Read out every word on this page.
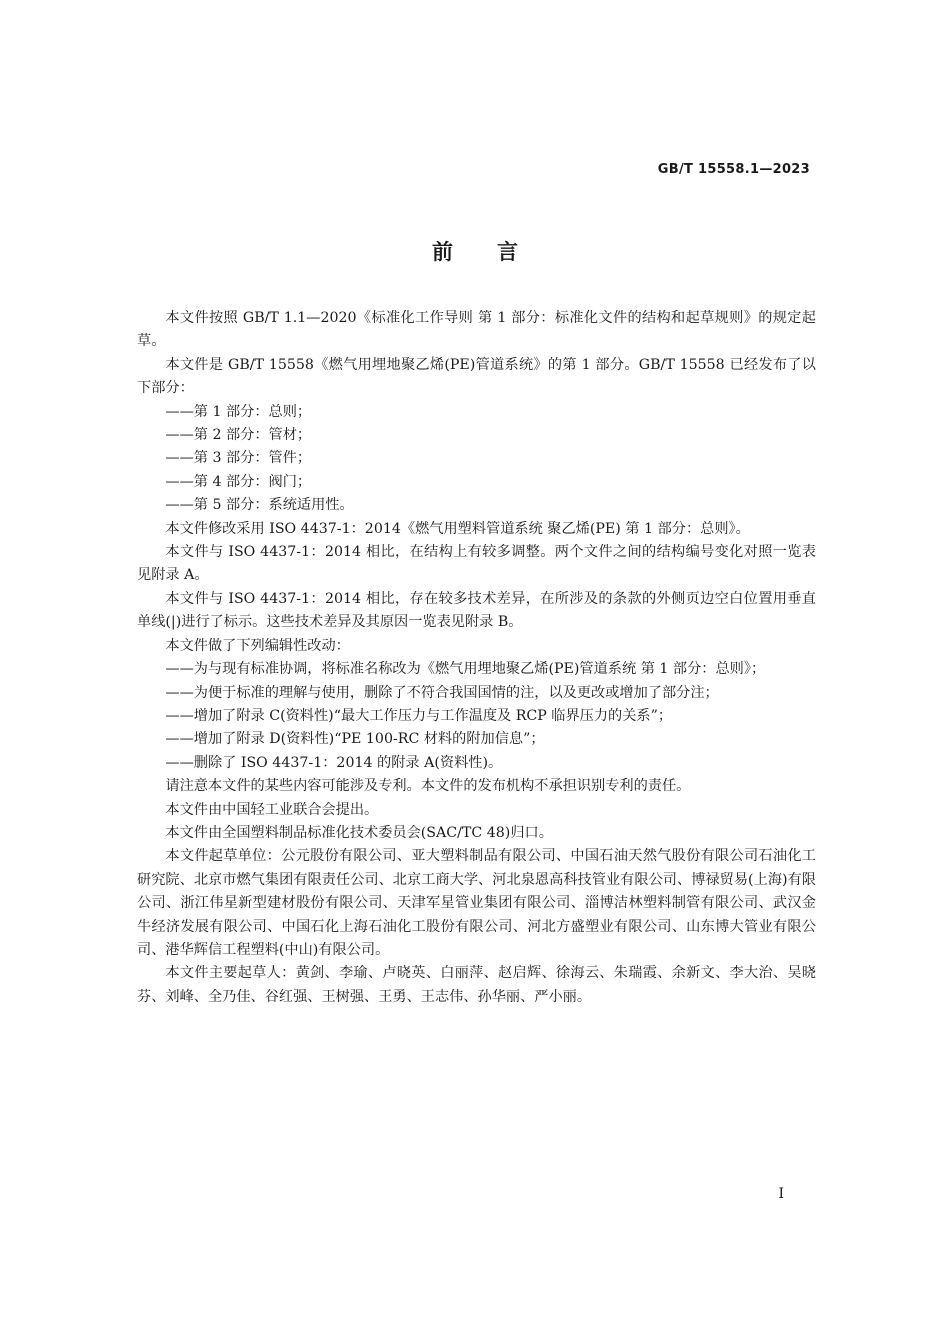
GB/T 15558.1—2023
前言

本文件按照 GB/T 1.1—2020《标准化工作导则 第 1 部分：标准化文件的结构和起草规则》的规定起草。

本文件是 GB/T 15558《燃气用埋地聚乙烯(PE)管道系统》的第 1 部分。GB/T 15558 已经发布了以下部分：

——第 1 部分：总则；

——第 2 部分：管材；

——第 3 部分：管件；

——第 4 部分：阀门；

——第 5 部分：系统适用性。

本文件修改采用 ISO 4437-1：2014《燃气用塑料管道系统 聚乙烯(PE) 第 1 部分：总则》。

本文件与 ISO 4437-1：2014 相比，在结构上有较多调整。两个文件之间的结构编号变化对照一览表见附录 A。

本文件与 ISO 4437-1：2014 相比，存在较多技术差异，在所涉及的条款的外侧页边空白位置用垂直单线(|)进行了标示。这些技术差异及其原因一览表见附录 B。

本文件做了下列编辑性改动：

——为与现有标准协调，将标准名称改为《燃气用埋地聚乙烯(PE)管道系统 第 1 部分：总则》；

——为便于标准的理解与使用，删除了不符合我国国情的注，以及更改或增加了部分注；

——增加了附录 C(资料性)“最大工作压力与工作温度及 RCP 临界压力的关系”；

——增加了附录 D(资料性)“PE 100-RC 材料的附加信息”；

——删除了 ISO 4437-1：2014 的附录 A(资料性)。

请注意本文件的某些内容可能涉及专利。本文件的发布机构不承担识别专利的责任。

本文件由中国轻工业联合会提出。

本文件由全国塑料制品标准化技术委员会(SAC/TC 48)归口。

本文件起草单位：公元股份有限公司、亚大塑料制品有限公司、中国石油天然气股份有限公司石油化工研究院、北京市燃气集团有限责任公司、北京工商大学、河北泉恩高科技管业有限公司、博禄贸易(上海)有限公司、浙江伟星新型建材股份有限公司、天津军星管业集团有限公司、淄博洁林塑料制管有限公司、武汉金牛经济发展有限公司、中国石化上海石油化工股份有限公司、河北方盛塑业有限公司、山东博大管业有限公司、港华辉信工程塑料(中山)有限公司。

本文件主要起草人：黄剑、李瑜、卢晓英、白丽萍、赵启辉、徐海云、朱瑞霞、余新文、李大治、吴晓芬、刘峰、全乃佳、谷红强、王树强、王勇、王志伟、孙华丽、严小丽。

I
